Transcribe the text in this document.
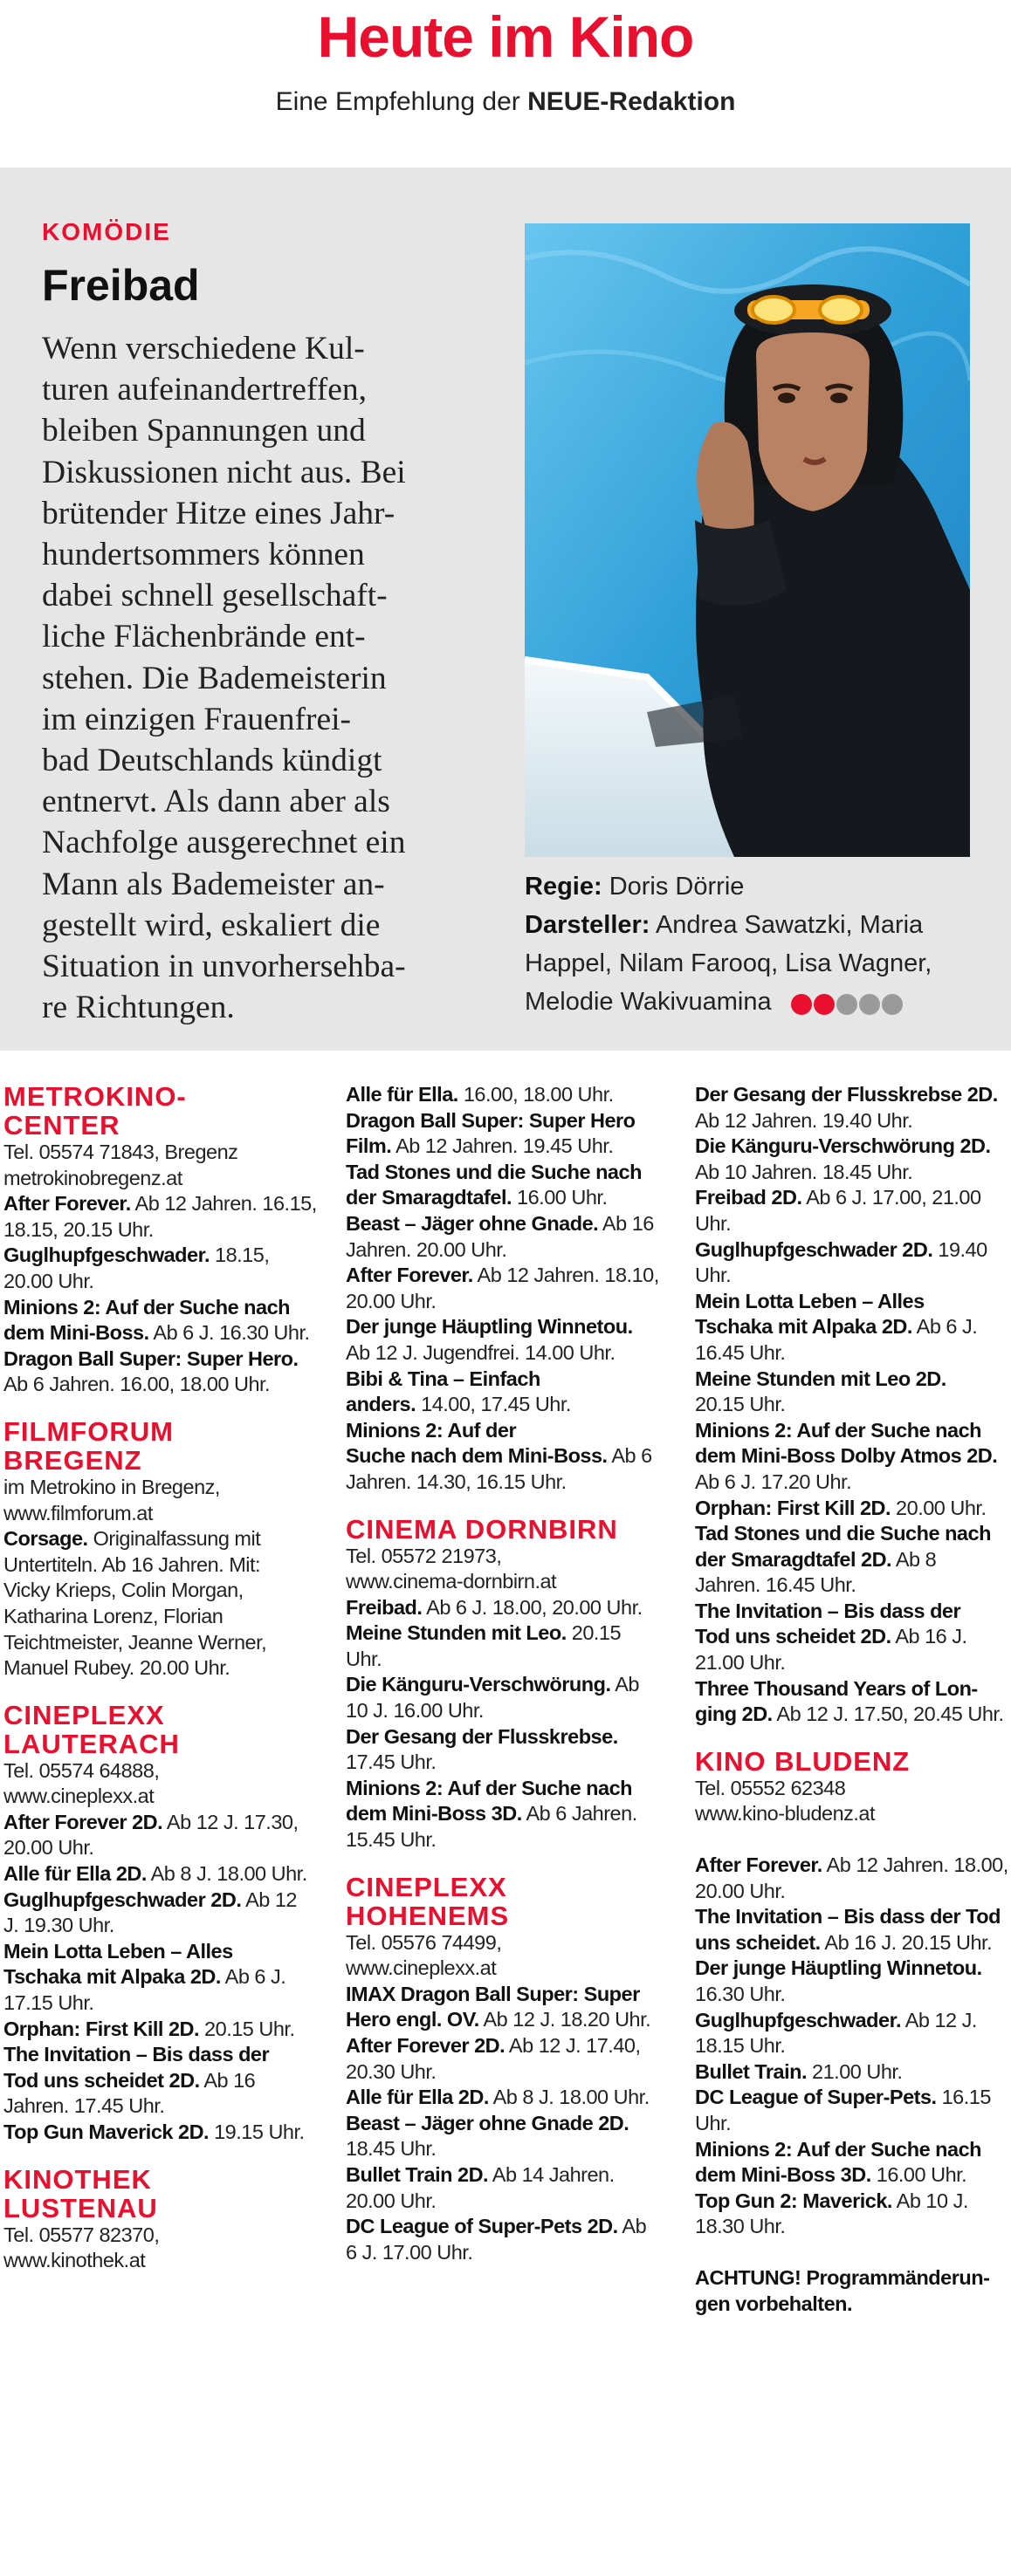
Heute im Kino
Eine Empfehlung der NEUE-Redaktion
KOMÖDIE
Freibad
Wenn verschiedene Kul-
turen aufeinandertreffen,
bleiben Spannungen und
Diskussionen nicht aus. Bei
brütender Hitze eines Jahr-
hundertsommers können
dabei schnell gesellschaft-
liche Flächenbrände ent-
stehen. Die Bademeisterin
im einzigen Frauenfrei-
bad Deutschlands kündigt
entnervt. Als dann aber als
Nachfolge ausgerechnet ein
Mann als Bademeister an-
gestellt wird, eskaliert die
Situation in unvorhersehba-
re Richtungen.
Regie: Doris Dörrie
Darsteller: Andrea Sawatzki, Maria
Happel, Nilam Farooq, Lisa Wagner,
Melodie Wakivuamina
METROKINO-
CENTER
Tel. 05574 71843, Bregenz
metrokinobregenz.at
After Forever. Ab 12 Jahren. 16.15,
18.15, 20.15 Uhr.
Guglhupfgeschwader. 18.15,
20.00 Uhr.
Minions 2: Auf der Suche nach
dem Mini-Boss. Ab 6 J. 16.30 Uhr.
Dragon Ball Super: Super Hero.
Ab 6 Jahren. 16.00, 18.00 Uhr.
FILMFORUM
BREGENZ
im Metrokino in Bregenz,
www.filmforum.at
Corsage. Originalfassung mit
Untertiteln. Ab 16 Jahren. Mit:
Vicky Krieps, Colin Morgan,
Katharina Lorenz, Florian
Teichtmeister, Jeanne Werner,
Manuel Rubey. 20.00 Uhr.
CINEPLEXX
LAUTERACH
Tel. 05574 64888,
www.cineplexx.at
After Forever 2D. Ab 12 J. 17.30,
20.00 Uhr.
Alle für Ella 2D. Ab 8 J. 18.00 Uhr.
Guglhupfgeschwader 2D. Ab 12
J. 19.30 Uhr.
Mein Lotta Leben – Alles
Tschaka mit Alpaka 2D. Ab 6 J.
17.15 Uhr.
Orphan: First Kill 2D. 20.15 Uhr.
The Invitation – Bis dass der
Tod uns scheidet 2D. Ab 16
Jahren. 17.45 Uhr.
Top Gun Maverick 2D. 19.15 Uhr.
KINOTHEK
LUSTENAU
Tel. 05577 82370,
www.kinothek.at
Alle für Ella. 16.00, 18.00 Uhr.
Dragon Ball Super: Super Hero
Film. Ab 12 Jahren. 19.45 Uhr.
Tad Stones und die Suche nach
der Smaragdtafel. 16.00 Uhr.
Beast – Jäger ohne Gnade. Ab 16
Jahren. 20.00 Uhr.
After Forever. Ab 12 Jahren. 18.10,
20.00 Uhr.
Der junge Häuptling Winnetou.
Ab 12 J. Jugendfrei. 14.00 Uhr.
Bibi & Tina – Einfach
anders. 14.00, 17.45 Uhr.
Minions 2: Auf der
Suche nach dem Mini-Boss. Ab 6
Jahren. 14.30, 16.15 Uhr.
CINEMA DORNBIRN
Tel. 05572 21973,
www.cinema-dornbirn.at
Freibad. Ab 6 J. 18.00, 20.00 Uhr.
Meine Stunden mit Leo. 20.15
Uhr.
Die Känguru-Verschwörung. Ab
10 J. 16.00 Uhr.
Der Gesang der Flusskrebse.
17.45 Uhr.
Minions 2: Auf der Suche nach
dem Mini-Boss 3D. Ab 6 Jahren.
15.45 Uhr.
CINEPLEXX
HOHENEMS
Tel. 05576 74499,
www.cineplexx.at
IMAX Dragon Ball Super: Super
Hero engl. OV. Ab 12 J. 18.20 Uhr.
After Forever 2D. Ab 12 J. 17.40,
20.30 Uhr.
Alle für Ella 2D. Ab 8 J. 18.00 Uhr.
Beast – Jäger ohne Gnade 2D.
18.45 Uhr.
Bullet Train 2D. Ab 14 Jahren.
20.00 Uhr.
DC League of Super-Pets 2D. Ab
6 J. 17.00 Uhr.
Der Gesang der Flusskrebse 2D.
Ab 12 Jahren. 19.40 Uhr.
Die Känguru-Verschwörung 2D.
Ab 10 Jahren. 18.45 Uhr.
Freibad 2D. Ab 6 J. 17.00, 21.00 Uhr.
Guglhupfgeschwader 2D. 19.40
Uhr.
Mein Lotta Leben – Alles
Tschaka mit Alpaka 2D. Ab 6 J.
16.45 Uhr.
Meine Stunden mit Leo 2D.
20.15 Uhr.
Minions 2: Auf der Suche nach
dem Mini-Boss Dolby Atmos 2D.
Ab 6 J. 17.20 Uhr.
Orphan: First Kill 2D. 20.00 Uhr.
Tad Stones und die Suche nach
der Smaragdtafel 2D. Ab 8
Jahren. 16.45 Uhr.
The Invitation – Bis dass der
Tod uns scheidet 2D. Ab 16 J.
21.00 Uhr.
Three Thousand Years of Lon-
ging 2D. Ab 12 J. 17.50, 20.45 Uhr.
KINO BLUDENZ
Tel. 05552 62348
www.kino-bludenz.at
After Forever. Ab 12 Jahren. 18.00,
20.00 Uhr.
The Invitation – Bis dass der Tod
uns scheidet. Ab 16 J. 20.15 Uhr.
Der junge Häuptling Winnetou.
16.30 Uhr.
Guglhupfgeschwader. Ab 12 J.
18.15 Uhr.
Bullet Train. 21.00 Uhr.
DC League of Super-Pets. 16.15
Uhr.
Minions 2: Auf der Suche nach
dem Mini-Boss 3D. 16.00 Uhr.
Top Gun 2: Maverick. Ab 10 J.
18.30 Uhr.
ACHTUNG! Programmänderun-
gen vorbehalten.
